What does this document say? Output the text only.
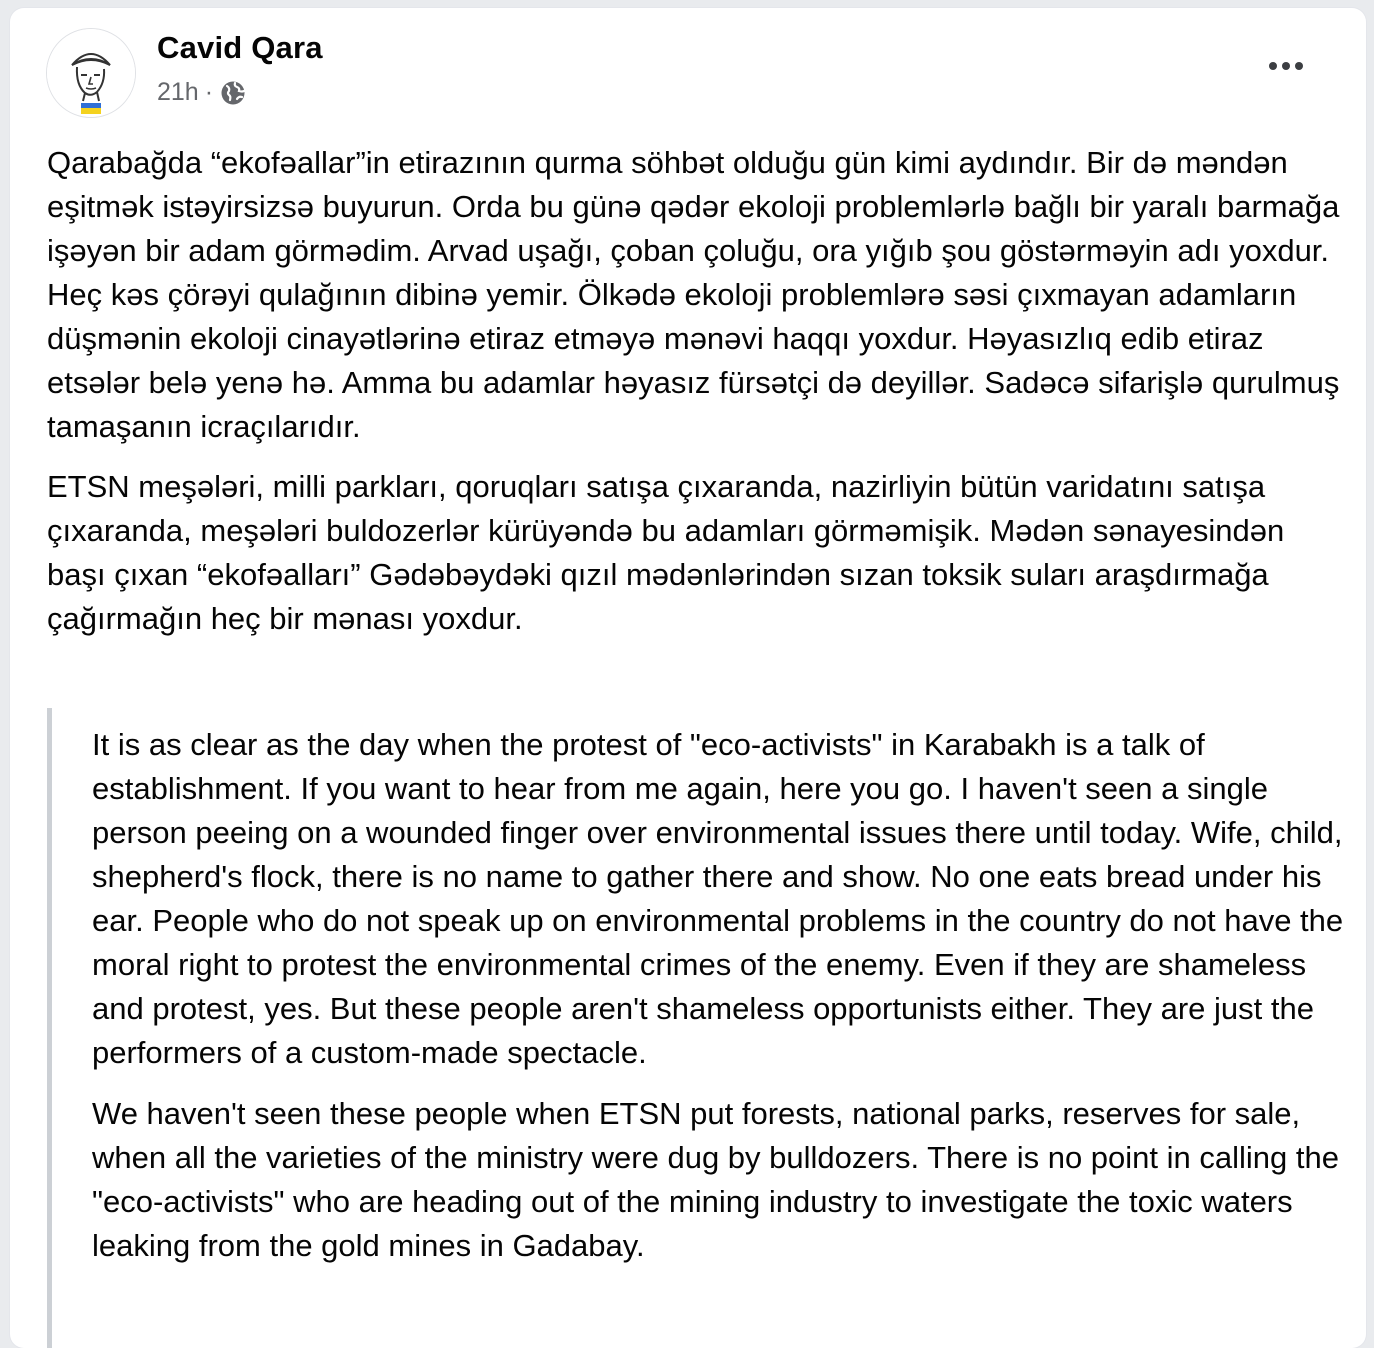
Cavid Qara
21h ·

Qarabağda “ekofəallar”in etirazının qurma söhbət olduğu gün kimi aydındır. Bir də məndən eşitmək istəyirsizsə buyurun. Orda bu günə qədər ekoloji problemlərlə bağlı bir yaralı barmağa işəyən bir adam görmədim. Arvad uşağı, çoban çoluğu, ora yığıb şou göstərməyin adı yoxdur. Heç kəs çörəyi qulağının dibinə yemir. Ölkədə ekoloji problemlərə səsi çıxmayan adamların düşmənin ekoloji cinayətlərinə etiraz etməyə mənəvi haqqı yoxdur. Həyasızlıq edib etiraz etsələr belə yenə hə. Amma bu adamlar həyasız fürsətçi də deyillər. Sadəcə sifarişlə qurulmuş tamaşanın icraçılarıdır.

ETSN meşələri, milli parkları, qoruqları satışa çıxaranda, nazirliyin bütün varidatını satışa çıxaranda, meşələri buldozerlər kürüyəndə bu adamları görməmişik. Mədən sənayesindən başı çıxan “ekofəalları” Gədəbəydəki qızıl mədənlərindən sızan toksik suları araşdırmağa çağırmağın heç bir mənası yoxdur.

It is as clear as the day when the protest of "eco-activists" in Karabakh is a talk of establishment. If you want to hear from me again, here you go. I haven't seen a single person peeing on a wounded finger over environmental issues there until today. Wife, child, shepherd's flock, there is no name to gather there and show. No one eats bread under his ear. People who do not speak up on environmental problems in the country do not have the moral right to protest the environmental crimes of the enemy. Even if they are shameless and protest, yes. But these people aren't shameless opportunists either. They are just the performers of a custom-made spectacle.

We haven't seen these people when ETSN put forests, national parks, reserves for sale, when all the varieties of the ministry were dug by bulldozers. There is no point in calling the "eco-activists" who are heading out of the mining industry to investigate the toxic waters leaking from the gold mines in Gadabay.
